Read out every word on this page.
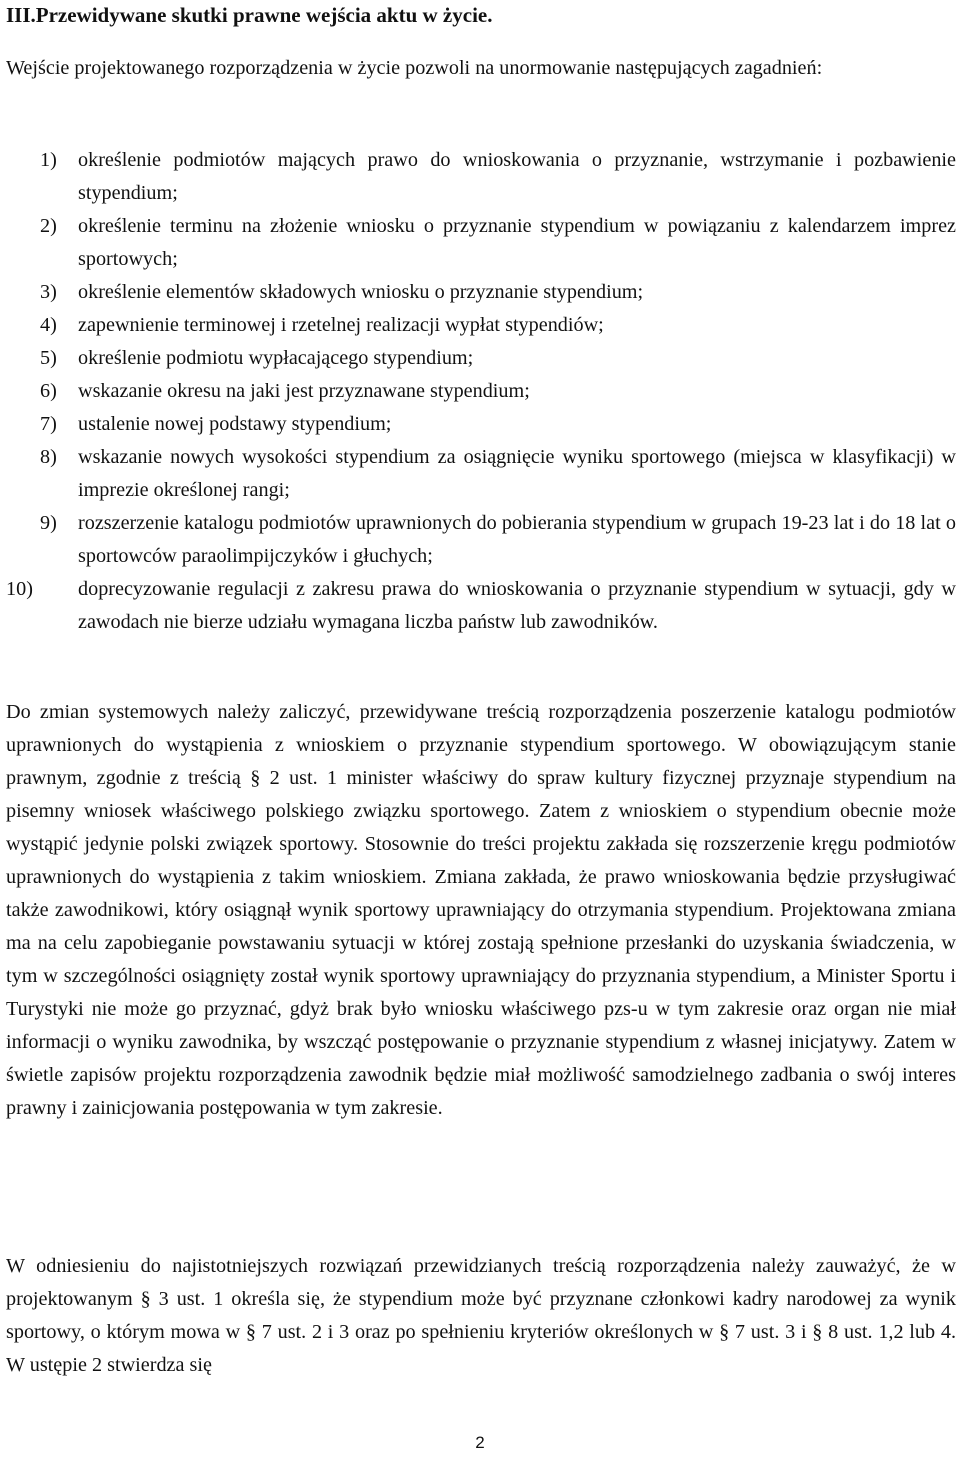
III.Przewidywane skutki prawne wejścia aktu w życie.

Wejście projektowanego rozporządzenia w życie pozwoli na unormowanie następujących zagadnień:

1) określenie podmiotów mających prawo do wnioskowania o przyznanie, wstrzymanie i pozbawienie stypendium;
2) określenie terminu na złożenie wniosku o przyznanie stypendium w powiązaniu z kalendarzem imprez sportowych;
3) określenie elementów składowych wniosku o przyznanie stypendium;
4) zapewnienie terminowej i rzetelnej realizacji wypłat stypendiów;
5) określenie podmiotu wypłacającego stypendium;
6) wskazanie okresu na jaki jest przyznawane stypendium;
7) ustalenie nowej podstawy stypendium;
8) wskazanie nowych wysokości stypendium za osiągnięcie wyniku sportowego (miejsca w klasyfikacji) w imprezie określonej rangi;
9) rozszerzenie katalogu podmiotów uprawnionych do pobierania stypendium w grupach 19-23 lat i do 18 lat o sportowców paraolimpijczyków i głuchych;
10) doprecyzowanie regulacji z zakresu prawa do wnioskowania o przyznanie stypendium w sytuacji, gdy w zawodach nie bierze udziału wymagana liczba państw lub zawodników.

Do zmian systemowych należy zaliczyć, przewidywane treścią rozporządzenia poszerzenie katalogu podmiotów uprawnionych do wystąpienia z wnioskiem o przyznanie stypendium sportowego. W obowiązującym stanie prawnym, zgodnie z treścią § 2 ust. 1 minister właściwy do spraw kultury fizycznej przyznaje stypendium na pisemny wniosek właściwego polskiego związku sportowego. Zatem z wnioskiem o stypendium obecnie może wystąpić jedynie polski związek sportowy. Stosownie do treści projektu zakłada się rozszerzenie kręgu podmiotów uprawnionych do wystąpienia z takim wnioskiem. Zmiana zakłada, że prawo wnioskowania będzie przysługiwać także zawodnikowi, który osiągnął wynik sportowy uprawniający do otrzymania stypendium. Projektowana zmiana ma na celu zapobieganie powstawaniu sytuacji w której zostają spełnione przesłanki do uzyskania świadczenia, w tym w szczególności osiągnięty został wynik sportowy uprawniający do przyznania stypendium, a Minister Sportu i Turystyki nie może go przyznać, gdyż brak było wniosku właściwego pzs-u w tym zakresie oraz organ nie miał informacji o wyniku zawodnika, by wszcząć postępowanie o przyznanie stypendium z własnej inicjatywy. Zatem w świetle zapisów projektu rozporządzenia zawodnik będzie miał możliwość samodzielnego zadbania o swój interes prawny i zainicjowania postępowania w tym zakresie.

W odniesieniu do najistotniejszych rozwiązań przewidzianych treścią rozporządzenia należy zauważyć, że w projektowanym § 3 ust. 1 określa się, że stypendium może być przyznane członkowi kadry narodowej za wynik sportowy, o którym mowa w § 7 ust. 2 i 3 oraz po spełnieniu kryteriów określonych w § 7 ust. 3 i § 8 ust. 1,2 lub 4. W ustępie 2 stwierdza się

2
